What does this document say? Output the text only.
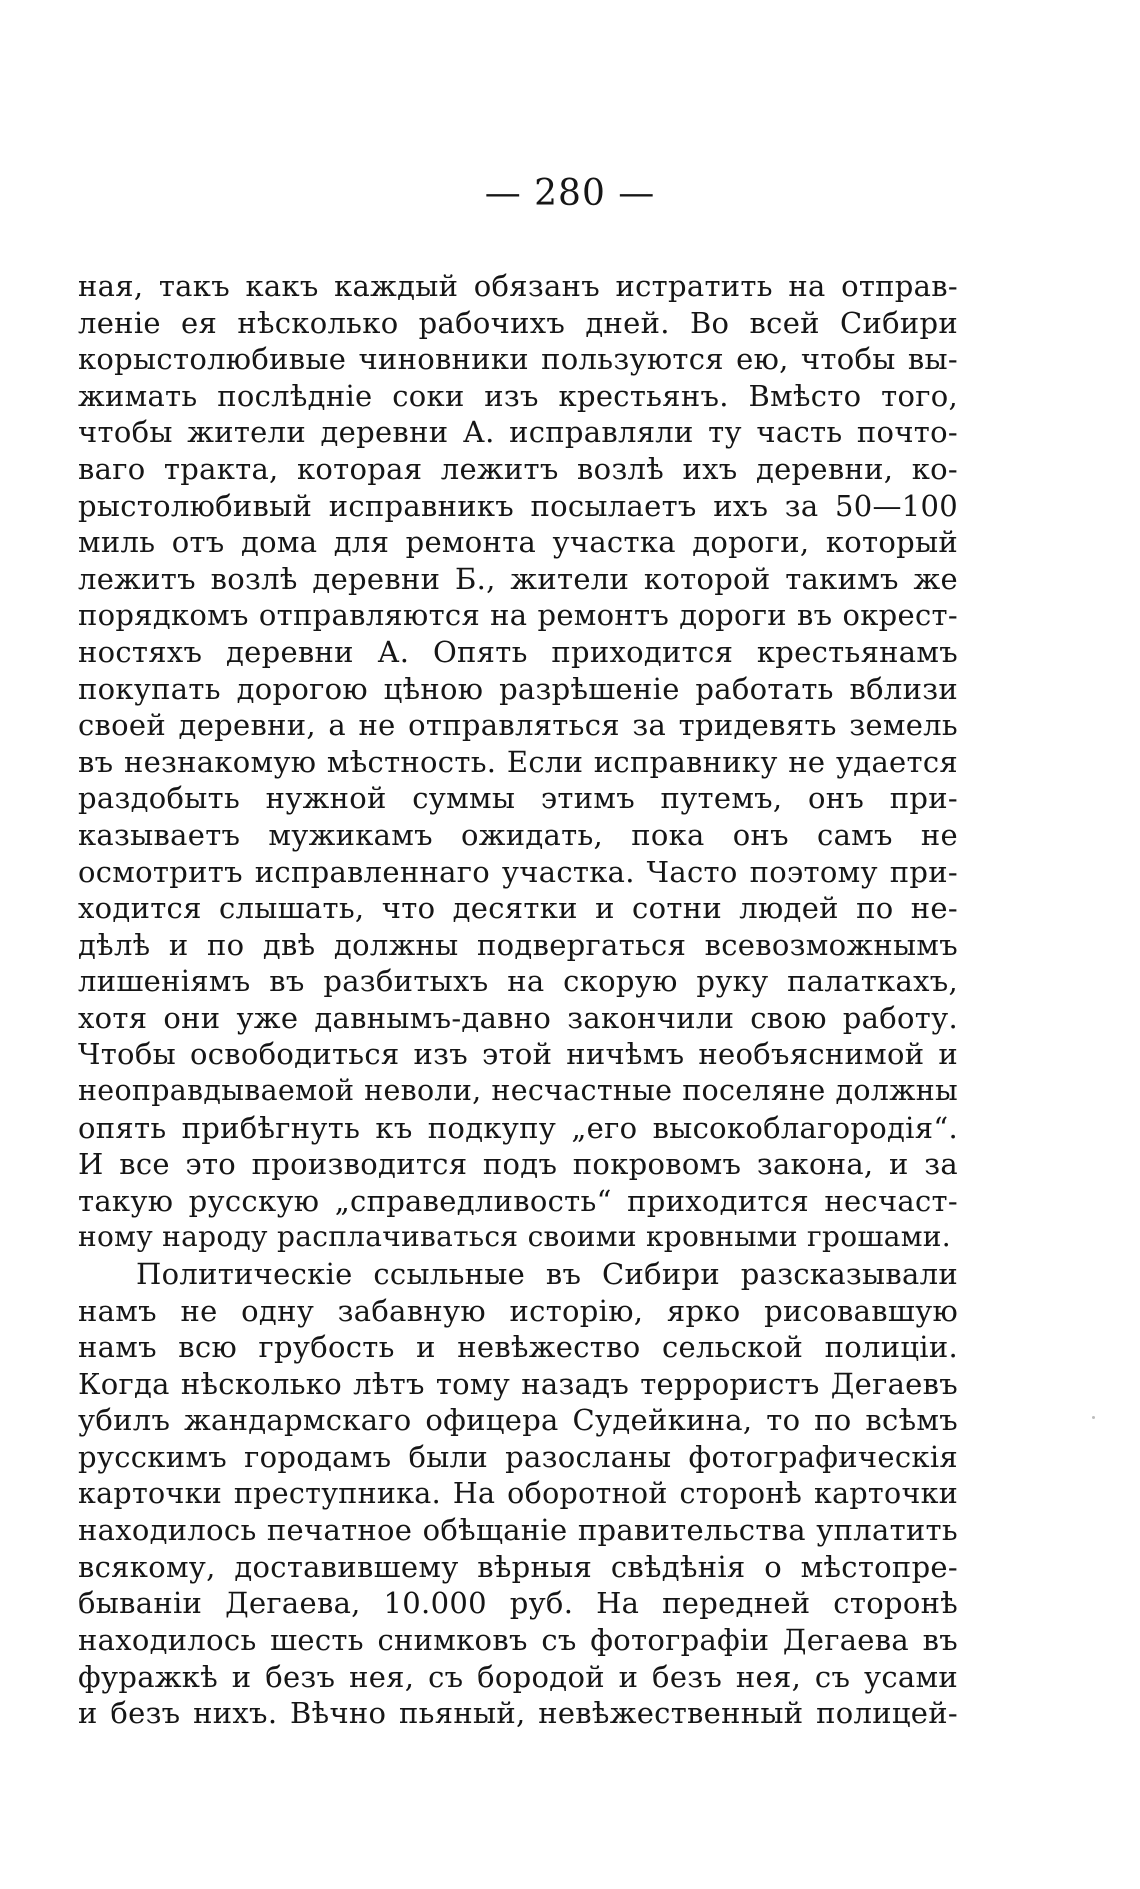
— 280 —
ная, такъ какъ каждый обязанъ истратить на отправ-
леніе ея нѣсколько рабочихъ дней. Во всей Сибири
корыстолюбивые чиновники пользуются ею, чтобы вы-
жимать послѣдніе соки изъ крестьянъ. Вмѣсто того,
чтобы жители деревни А. исправляли ту часть почто-
ваго тракта, которая лежитъ возлѣ ихъ деревни, ко-
рыстолюбивый исправникъ посылаетъ ихъ за 50—100
миль отъ дома для ремонта участка дороги, который
лежитъ возлѣ деревни Б., жители которой такимъ же
порядкомъ отправляются на ремонтъ дороги въ окрест-
ностяхъ деревни А. Опять приходится крестьянамъ
покупать дорогою цѣною разрѣшеніе работать вблизи
своей деревни, а не отправляться за тридевять земель
въ незнакомую мѣстность. Если исправнику не удается
раздобыть нужной суммы этимъ путемъ, онъ при-
казываетъ мужикамъ ожидать, пока онъ самъ не
осмотритъ исправленнаго участка. Часто поэтому при-
ходится слышать, что десятки и сотни людей по не-
дѣлѣ и по двѣ должны подвергаться всевозможнымъ
лишеніямъ въ разбитыхъ на скорую руку палаткахъ,
хотя они уже давнымъ-давно закончили свою работу.
Чтобы освободиться изъ этой ничѣмъ необъяснимой и
неоправдываемой неволи, несчастные поселяне должны
опять прибѣгнуть къ подкупу „его высокоблагородія“.
И все это производится подъ покровомъ закона, и за
такую русскую „справедливость“ приходится несчаст-
ному народу расплачиваться своими кровными грошами.
Политическіе ссыльные въ Сибири разсказывали
намъ не одну забавную исторію, ярко рисовавшую
намъ всю грубость и невѣжество сельской полиціи.
Когда нѣсколько лѣтъ тому назадъ террористъ Дегаевъ
убилъ жандармскаго офицера Судейкина, то по всѣмъ
русскимъ городамъ были разосланы фотографическія
карточки преступника. На оборотной сторонѣ карточки
находилось печатное обѣщаніе правительства уплатить
всякому, доставившему вѣрныя свѣдѣнія о мѣстопре-
бываніи Дегаева, 10.000 руб. На передней сторонѣ
находилось шесть снимковъ съ фотографіи Дегаева въ
фуражкѣ и безъ нея, съ бородой и безъ нея, съ усами
и безъ нихъ. Вѣчно пьяный, невѣжественный полицей-
